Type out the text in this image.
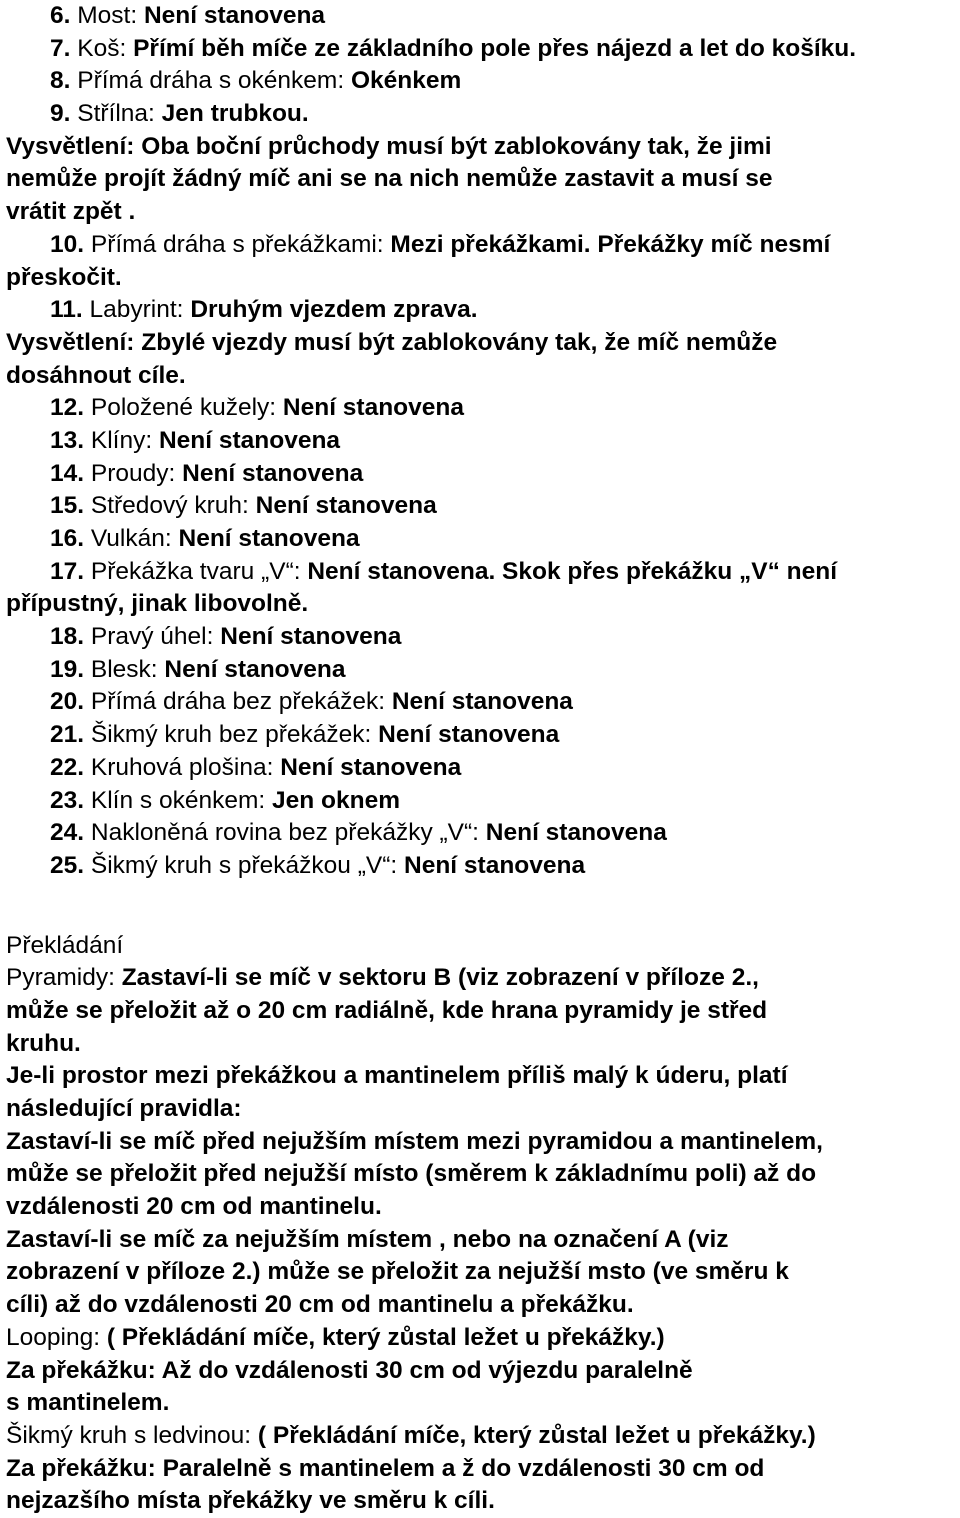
6. Most: Není stanovena
7. Koš: Přímí běh míče ze základního pole přes nájezd a let do košíku.
8. Přímá dráha s okénkem: Okénkem
9. Střílna: Jen trubkou.
Vysvětlení: Oba boční průchody musí být zablokovány tak, že jimi
nemůže projít žádný míč ani se na nich nemůže zastavit a musí se
vrátit zpět .
10. Přímá dráha s překážkami: Mezi překážkami. Překážky míč nesmí
přeskočit.
11. Labyrint: Druhým vjezdem zprava.
Vysvětlení: Zbylé vjezdy musí být zablokovány tak, že míč nemůže
dosáhnout cíle.
12. Položené kužely: Není stanovena
13. Klíny: Není stanovena
14. Proudy: Není stanovena
15. Středový kruh: Není stanovena
16. Vulkán: Není stanovena
17. Překážka tvaru „V“: Není stanovena. Skok přes překážku „V“ není
přípustný, jinak libovolně.
18. Pravý úhel: Není stanovena
19. Blesk: Není stanovena
20. Přímá dráha bez překážek: Není stanovena
21. Šikmý kruh bez překážek: Není stanovena
22. Kruhová plošina: Není stanovena
23. Klín s okénkem: Jen oknem
24. Nakloněná rovina bez překážky „V“: Není stanovena
25. Šikmý kruh s překážkou „V“: Není stanovena
Překládání
Pyramidy: Zastaví-li se míč v sektoru B (viz zobrazení v příloze 2.,
může se přeložit až o 20 cm radiálně, kde hrana pyramidy je střed
kruhu.
Je-li prostor mezi překážkou a mantinelem příliš malý k úderu, platí
následující pravidla:
Zastaví-li se míč před nejužším místem mezi pyramidou a mantinelem,
může se přeložit před nejužší místo (směrem k základnímu poli) až do
vzdálenosti 20 cm od mantinelu.
Zastaví-li se míč za nejužším místem , nebo na označení A (viz
zobrazení v příloze 2.) může se přeložit za nejužší msto (ve směru k
cíli) až do vzdálenosti 20 cm od mantinelu a překážku.
Looping: ( Překládání míče, který zůstal ležet u překážky.)
Za překážku: Až do vzdálenosti 30 cm od výjezdu paralelně
s mantinelem.
Šikmý kruh s ledvinou: ( Překládání míče, který zůstal ležet u překážky.)
Za překážku: Paralelně s mantinelem a ž do vzdálenosti 30 cm od
nejzazšího místa překážky ve směru k cíli.
